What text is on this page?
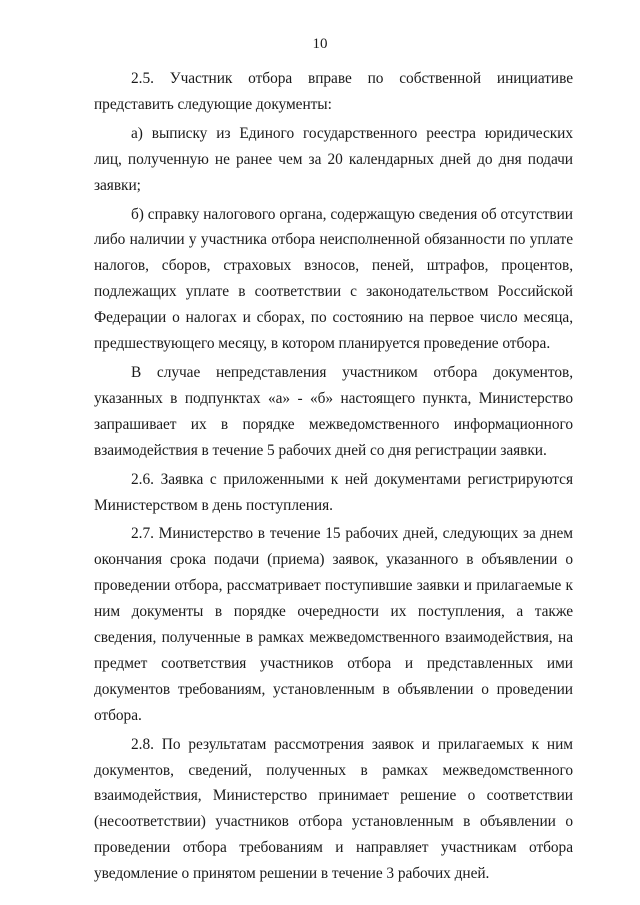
10

2.5. Участник отбора вправе по собственной инициативе представить следующие документы:

а) выписку из Единого государственного реестра юридических лиц, полученную не ранее чем за 20 календарных дней до дня подачи заявки;

б) справку налогового органа, содержащую сведения об отсутствии либо наличии у участника отбора неисполненной обязанности по уплате налогов, сборов, страховых взносов, пеней, штрафов, процентов, подлежащих уплате в соответствии с законодательством Российской Федерации о налогах и сборах, по состоянию на первое число месяца, предшествующего месяцу, в котором планируется проведение отбора.

В случае непредставления участником отбора документов, указанных в подпунктах «а» - «б» настоящего пункта, Министерство запрашивает их в порядке межведомственного информационного взаимодействия в течение 5 рабочих дней со дня регистрации заявки.

2.6. Заявка с приложенными к ней документами регистрируются Министерством в день поступления.

2.7. Министерство в течение 15 рабочих дней, следующих за днем окончания срока подачи (приема) заявок, указанного в объявлении о проведении отбора, рассматривает поступившие заявки и прилагаемые к ним документы в порядке очередности их поступления, а также сведения, полученные в рамках межведомственного взаимодействия, на предмет соответствия участников отбора и представленных ими документов требованиям, установленным в объявлении о проведении отбора.

2.8. По результатам рассмотрения заявок и прилагаемых к ним документов, сведений, полученных в рамках межведомственного взаимодействия, Министерство принимает решение о соответствии (несоответствии) участников отбора установленным в объявлении о проведении отбора требованиям и направляет участникам отбора уведомление о принятом решении в течение 3 рабочих дней.
